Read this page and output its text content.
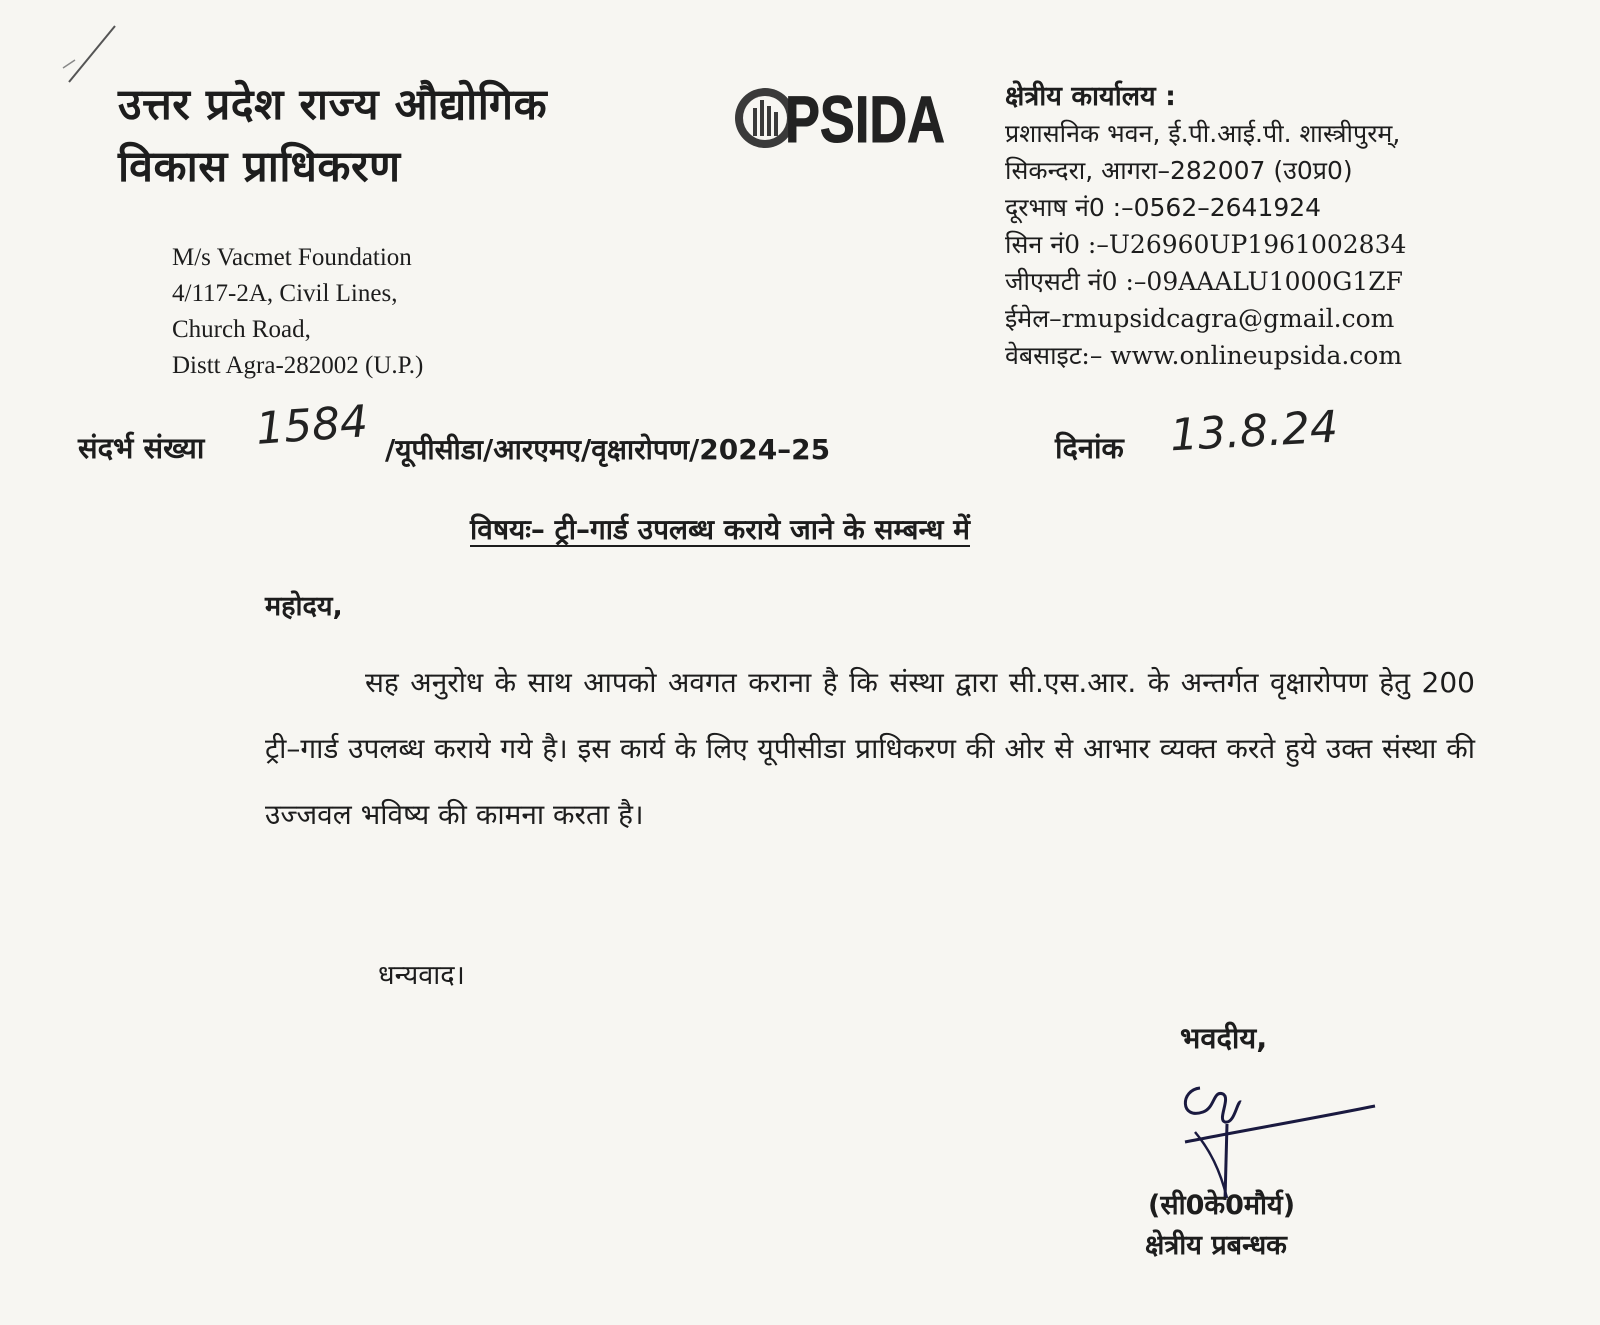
उत्तर प्रदेश राज्य औद्योगिक
विकास प्राधिकरण
PSIDA क्षेत्रीय कार्यालय :
प्रशासनिक भवन, ई.पी.आई.पी. शास्त्रीपुरम्,
सिकन्दरा, आगरा–282007 (उ0प्र0)
दूरभाष नं0 :–0562–2641924
सिन नं0 :–U26960UP1961002834
जीएसटी नं0 :–09AAALU1000G1ZF
ईमेल–rmupsidcagra@gmail.com
वेबसाइट:– www.onlineupsida.com
M/s Vacmet Foundation
4/117-2A, Civil Lines,
Church Road,
Distt Agra-282002 (U.P.)
संदर्भ संख्या 1584 /यूपीसीडा/आरएमए/वृक्षारोपण/2024–25	दिनांक 13.8.24
विषयः– ट्री–गार्ड उपलब्ध कराये जाने के सम्बन्ध में
महोदय,
सह अनुरोध के साथ आपको अवगत कराना है कि संस्था द्वारा सी.एस.आर. के अन्तर्गत वृक्षारोपण हेतु 200 ट्री–गार्ड उपलब्ध कराये गये है। इस कार्य के लिए यूपीसीडा प्राधिकरण की ओर से आभार व्यक्त करते हुये उक्त संस्था की उज्जवल भविष्य की कामना करता है।
धन्यवाद।
भवदीय,
(सी0के0मौर्य)
क्षेत्रीय प्रबन्धक
